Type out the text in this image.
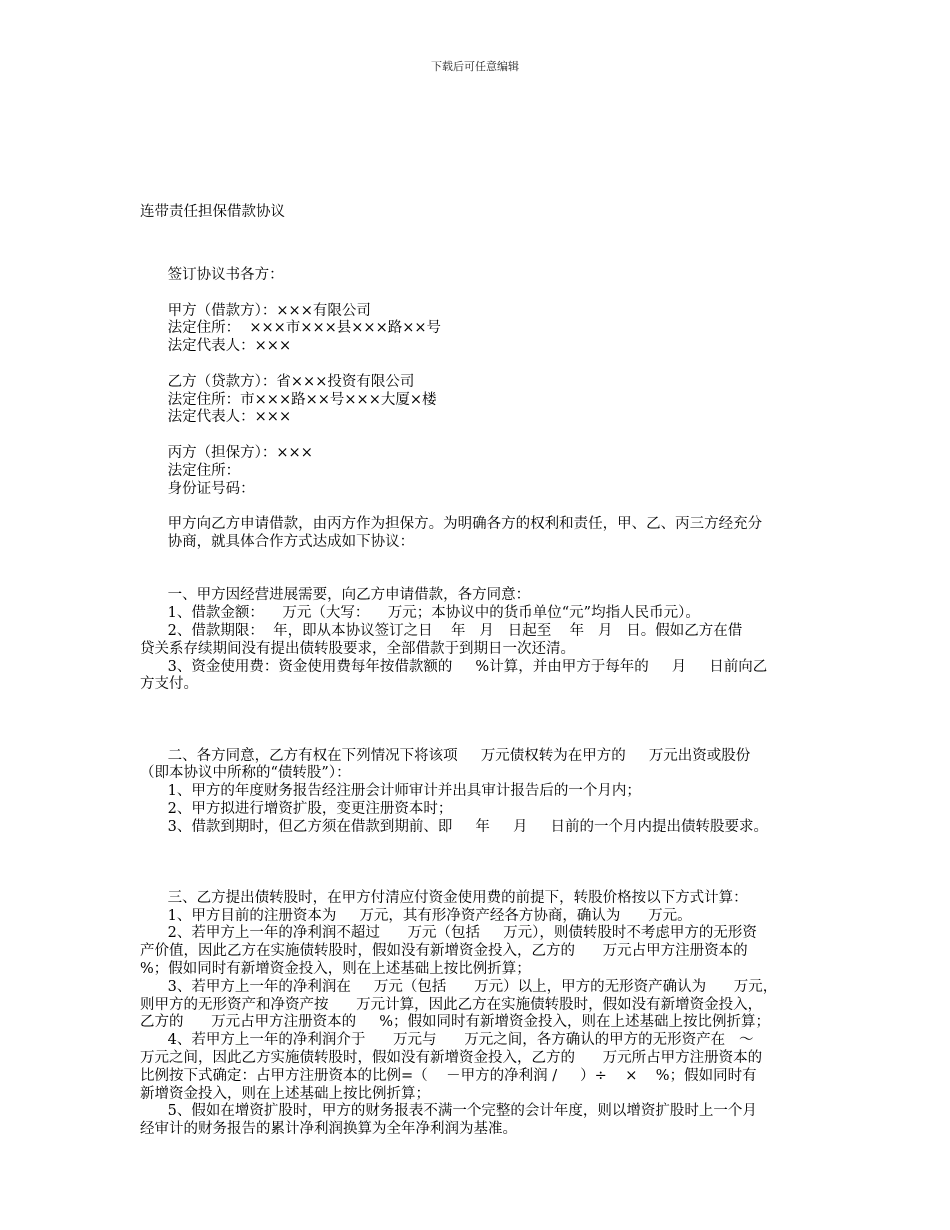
下载后可任意编辑
连带责任担保借款协议
签订协议书各方：
甲方（借款方）：×××有限公司
法定住所：  ×××市×××县×××路××号
法定代表人：×××
乙方（贷款方）：省×××投资有限公司
法定住所：市×××路××号×××大厦×楼
法定代表人：×××
丙方（担保方）：×××
法定住所：
身份证号码：
甲方向乙方申请借款，由丙方作为担保方。为明确各方的权利和责任，甲、乙、丙三方经充分
协商，就具体合作方式达成如下协议：
一、甲方因经营进展需要，向乙方申请借款，各方同意：
1、借款金额：    万元（大写：    万元；本协议中的货币单位“元”均指人民币元）。
2、借款期限：  年，即从本协议签订之日    年   月   日起至    年   月   日。假如乙方在借
贷关系存续期间没有提出债转股要求，全部借款于到期日一次还清。
3、资金使用费：资金使用费每年按借款额的     %计算，并由甲方于每年的     月     日前向乙
方支付。
二、各方同意，乙方有权在下列情况下将该项     万元债权转为在甲方的     万元出资或股份
（即本协议中所称的“债转股”）：
1、甲方的年度财务报告经注册会计师审计并出具审计报告后的一个月内；
2、甲方拟进行增资扩股，变更注册资本时；
3、借款到期时，但乙方须在借款到期前、即     年     月     日前的一个月内提出债转股要求。
三、乙方提出债转股时，在甲方付清应付资金使用费的前提下，转股价格按以下方式计算：
1、甲方目前的注册资本为     万元，其有形净资产经各方协商，确认为      万元。
2、若甲方上一年的净利润不超过      万元（包括     万元），则债转股时不考虑甲方的无形资
产价值，因此乙方在实施债转股时，假如没有新增资金投入，乙方的      万元占甲方注册资本的
%；假如同时有新增资金投入，则在上述基础上按比例折算；
3、若甲方上一年的净利润在     万元（包括      万元）以上，甲方的无形资产确认为      万元，
则甲方的无形资产和净资产按      万元计算，因此乙方在实施债转股时，假如没有新增资金投入，
乙方的      万元占甲方注册资本的     %；假如同时有新增资金投入，则在上述基础上按比例折算；
4、若甲方上一年的净利润介于      万元与      万元之间，各方确认的甲方的无形资产在   ～
万元之间，因此乙方实施债转股时，假如没有新增资金投入，乙方的      万元所占甲方注册资本的
比例按下式确定：占甲方注册资本的比例=（    －甲方的净利润 /     ）÷    ×    %；假如同时有
新增资金投入，则在上述基础上按比例折算；
5、假如在增资扩股时，甲方的财务报表不满一个完整的会计年度，则以增资扩股时上一个月
经审计的财务报告的累计净利润换算为全年净利润为基准。
